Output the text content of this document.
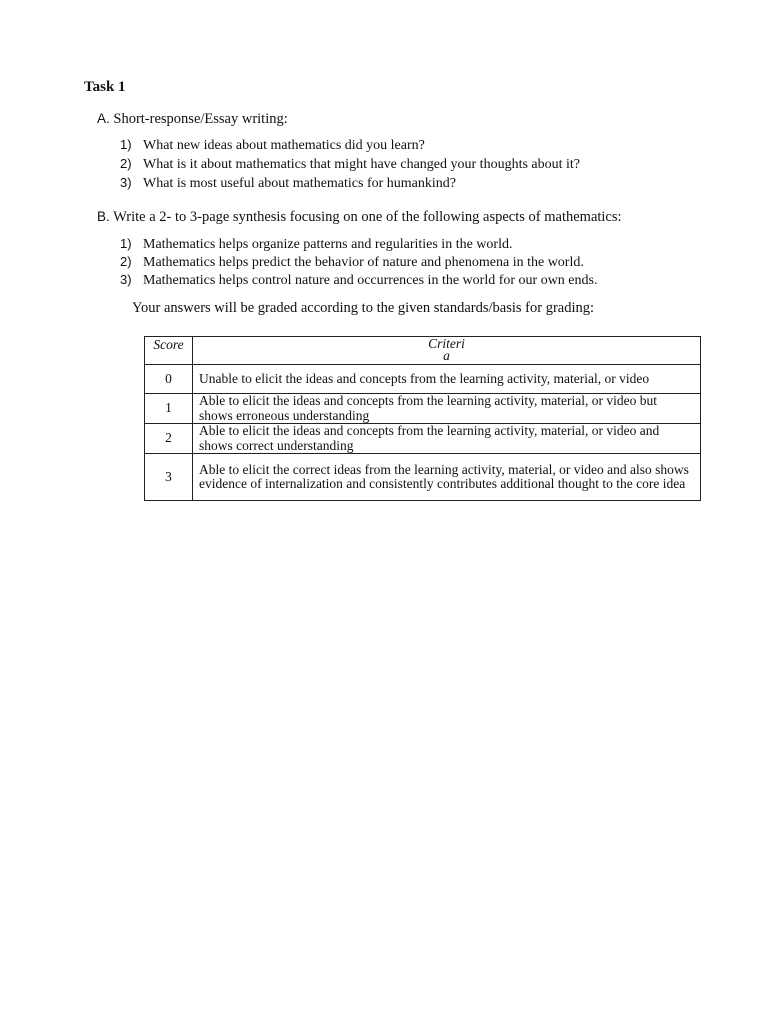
Task 1
A. Short-response/Essay writing:
1) What new ideas about mathematics did you learn?
2) What is it about mathematics that might have changed your thoughts about it?
3) What is most useful about mathematics for humankind?
B. Write a 2- to 3-page synthesis focusing on one of the following aspects of mathematics:
1) Mathematics helps organize patterns and regularities in the world.
2) Mathematics helps predict the behavior of nature and phenomena in the world.
3) Mathematics helps control nature and occurrences in the world for our own ends.
Your answers will be graded according to the given standards/basis for grading:
Score	Criteria

0	Unable to elicit the ideas and concepts from the learning activity, material, or video
1	Able to elicit the ideas and concepts from the learning activity, material, or video but shows erroneous understanding
2	Able to elicit the ideas and concepts from the learning activity, material, or video and shows correct understanding
3	Able to elicit the correct ideas from the learning activity, material, or video and also shows evidence of internalization and consistently contributes additional thought to the core idea
